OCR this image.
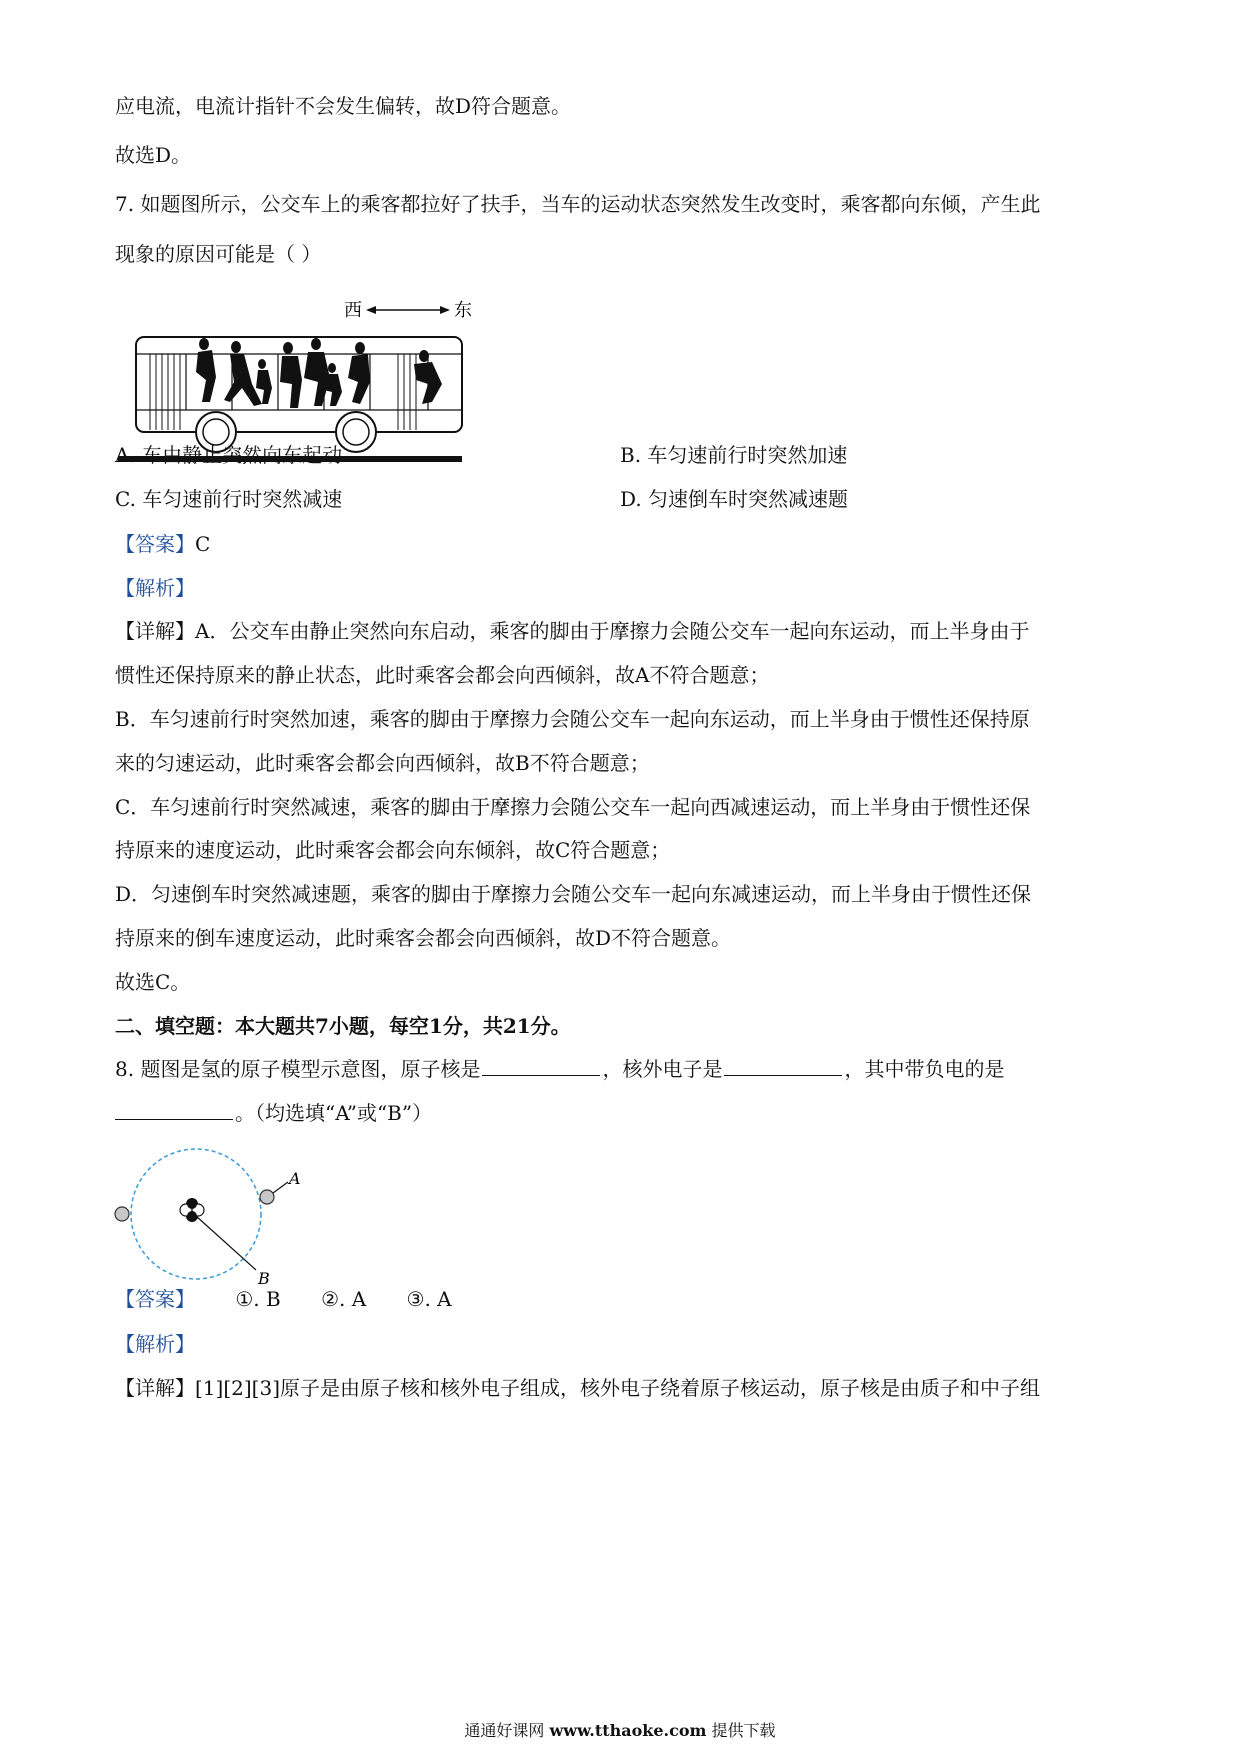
应电流，电流计指针不会发生偏转，故D符合题意。
故选D。
7. 如题图所示，公交车上的乘客都拉好了扶手，当车的运动状态突然发生改变时，乘客都向东倾，产生此
现象的原因可能是（ ）
西	东
A. 车由静止突然向东起动	B. 车匀速前行时突然加速
C. 车匀速前行时突然减速	D. 匀速倒车时突然减速题
【答案】C
【解析】
【详解】A．公交车由静止突然向东启动，乘客的脚由于摩擦力会随公交车一起向东运动，而上半身由于
惯性还保持原来的静止状态，此时乘客会都会向西倾斜，故A不符合题意；
B．车匀速前行时突然加速，乘客的脚由于摩擦力会随公交车一起向东运动，而上半身由于惯性还保持原
来的匀速运动，此时乘客会都会向西倾斜，故B不符合题意；
C．车匀速前行时突然减速，乘客的脚由于摩擦力会随公交车一起向西减速运动，而上半身由于惯性还保
持原来的速度运动，此时乘客会都会向东倾斜，故C符合题意；
D．匀速倒车时突然减速题，乘客的脚由于摩擦力会随公交车一起向东减速运动，而上半身由于惯性还保
持原来的倒车速度运动，此时乘客会都会向西倾斜，故D不符合题意。
故选C。
二、填空题：本大题共7小题，每空1分，共21分。
8. 题图是氢的原子模型示意图，原子核是	，核外电子是	，其中带负电的是
。（均选填“A”或“B”）
A
B
【答案】 ①. B ②. A ③. A
【解析】
【详解】[1][2][3]原子是由原子核和核外电子组成，核外电子绕着原子核运动，原子核是由质子和中子组
通通好课网 www.tthaoke.com 提供下载
